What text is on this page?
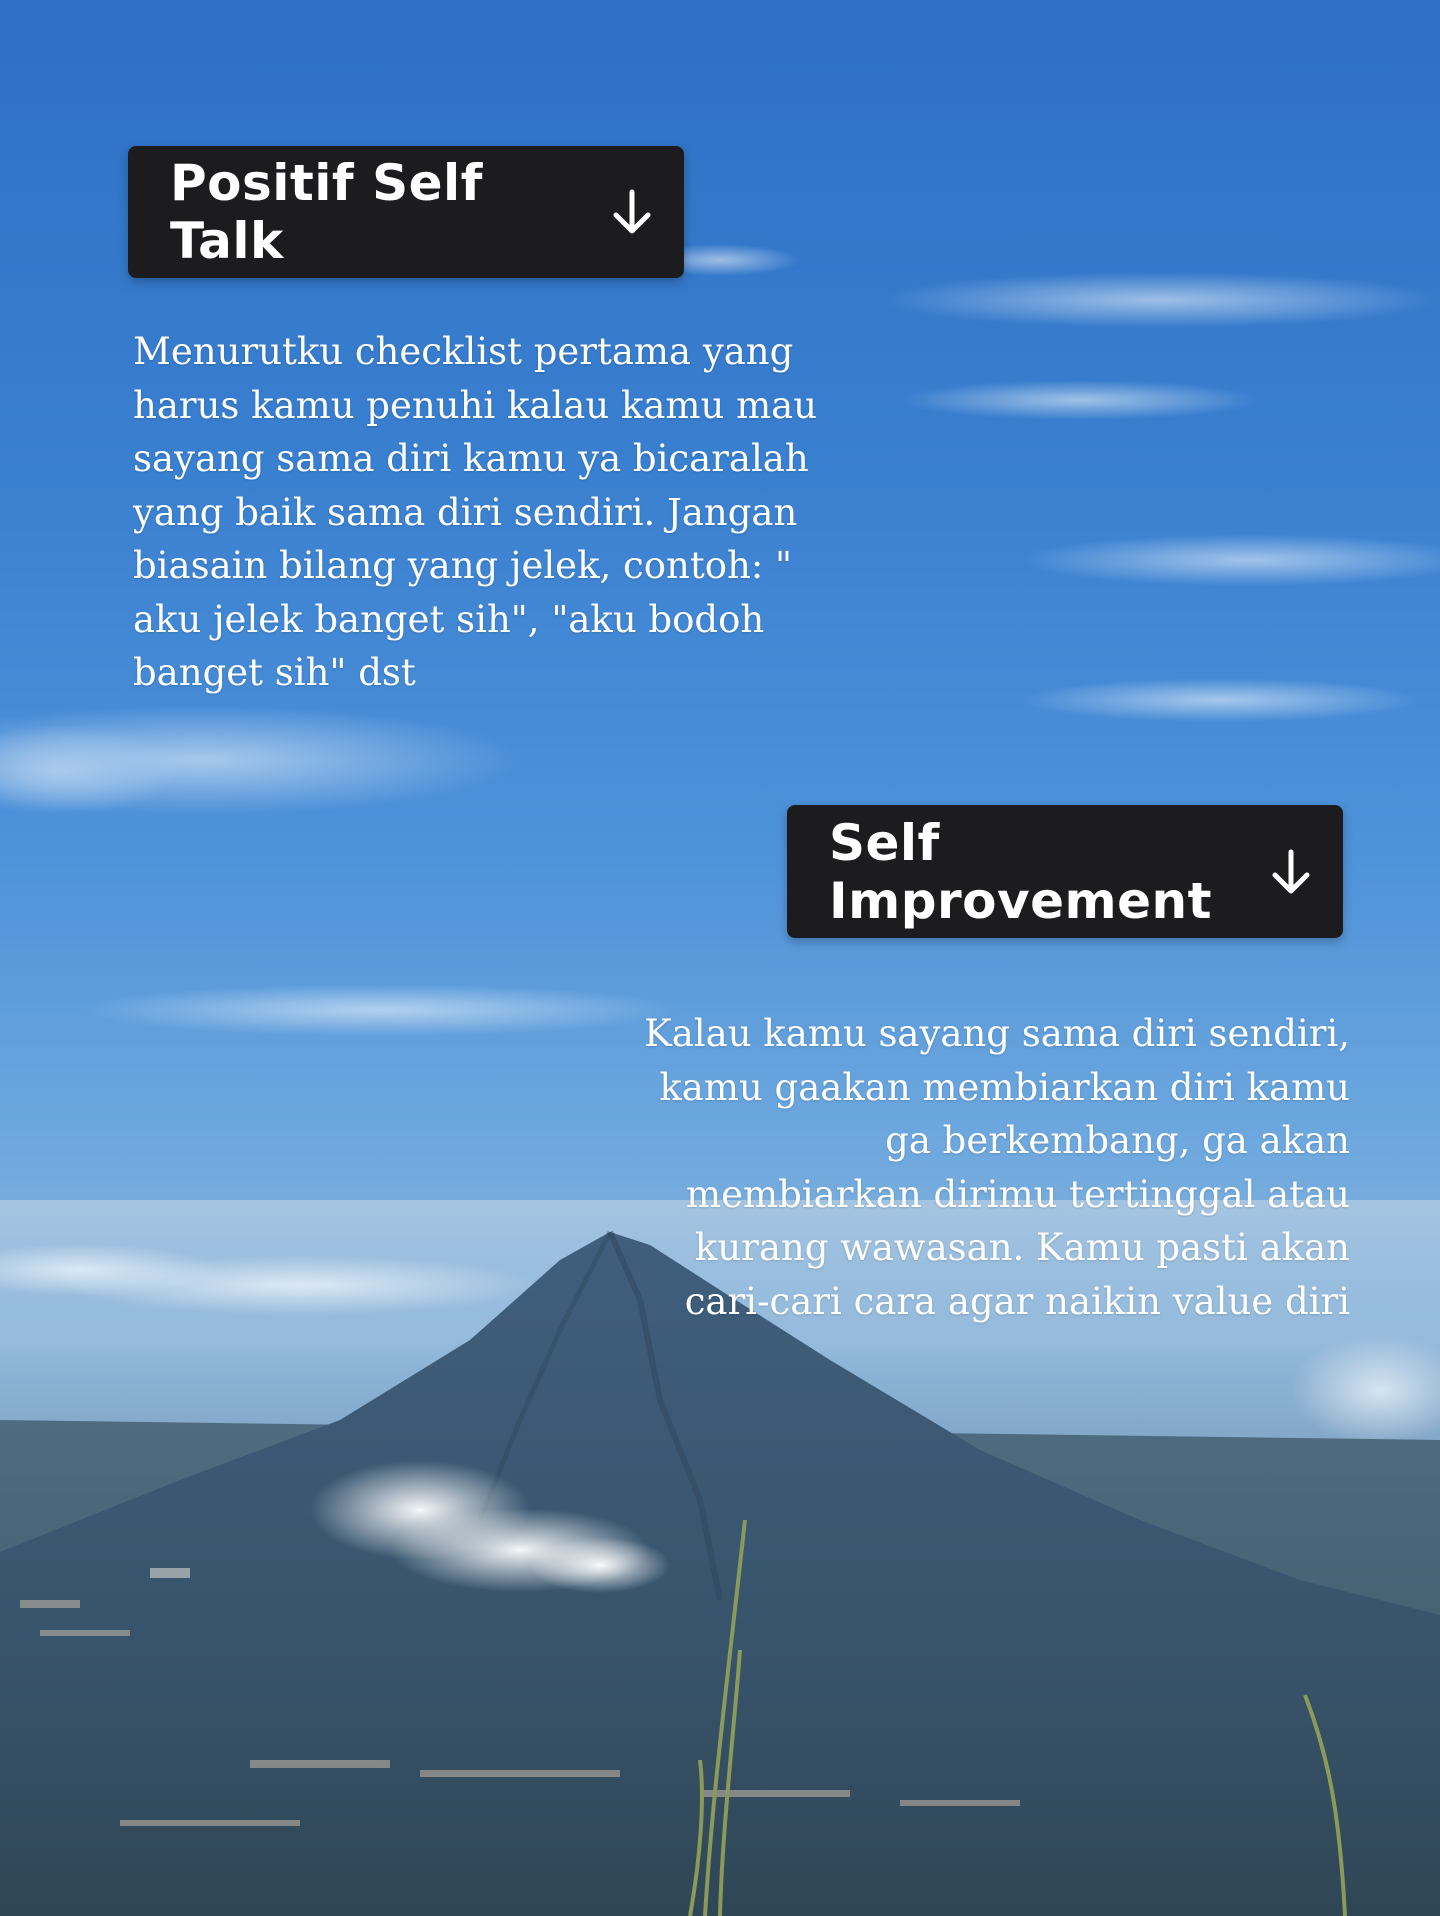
Positif Self Talk
Menurutku checklist pertama yang
harus kamu penuhi kalau kamu mau
sayang sama diri kamu ya bicaralah
yang baik sama diri sendiri. Jangan
biasain bilang yang jelek, contoh: "
aku jelek banget sih", "aku bodoh
banget sih" dst
Self Improvement
Kalau kamu sayang sama diri sendiri,
kamu gaakan membiarkan diri kamu
ga berkembang, ga akan
membiarkan dirimu tertinggal atau
kurang wawasan. Kamu pasti akan
cari-cari cara agar naikin value diri
